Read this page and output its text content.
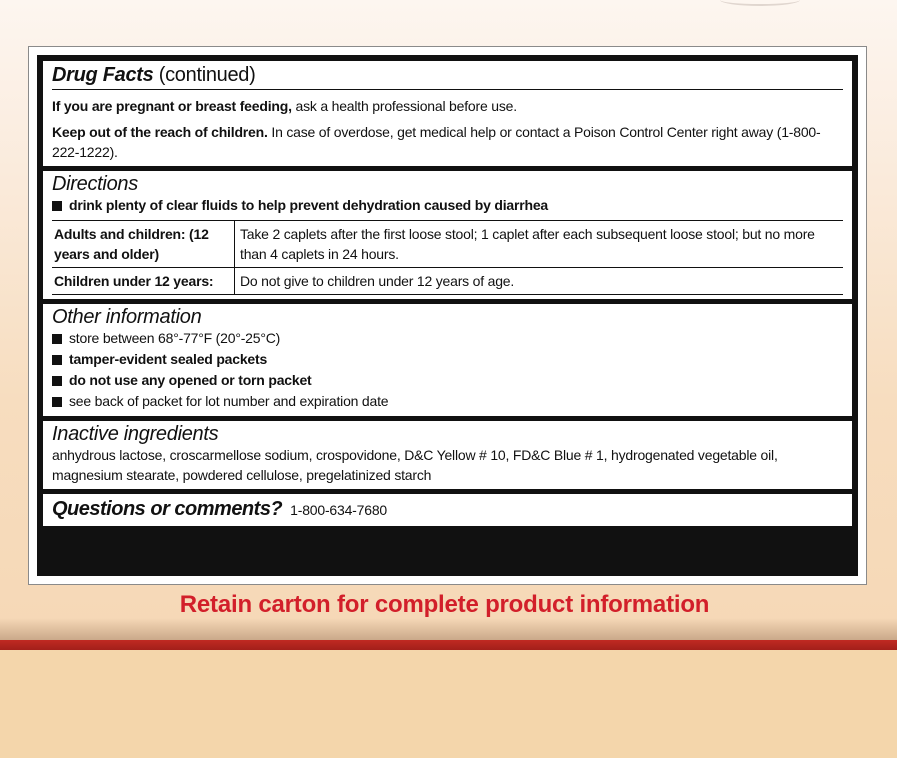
Drug Facts (continued)

If you are pregnant or breast feeding, ask a health professional before use.

Keep out of the reach of children. In case of overdose, get medical help or contact a Poison Control Center right away (1-800-222-1222).

Directions
drink plenty of clear fluids to help prevent dehydration caused by diarrhea
Adults and children: (12 years and older)	Take 2 caplets after the first loose stool; 1 caplet after each subsequent loose stool; but no more than 4 caplets in 24 hours.
Children under 12 years:	Do not give to children under 12 years of age.
Other information
store between 68°-77°F (20°-25°C)
tamper-evident sealed packets
do not use any opened or torn packet
see back of packet for lot number and expiration date
Inactive ingredients

anhydrous lactose, croscarmellose sodium, crospovidone, D&C Yellow # 10, FD&C Blue # 1, hydrogenated vegetable oil, magnesium stearate, powdered cellulose, pregelatinized starch

Questions or comments? 1-800-634-7680
Retain carton for complete product information
